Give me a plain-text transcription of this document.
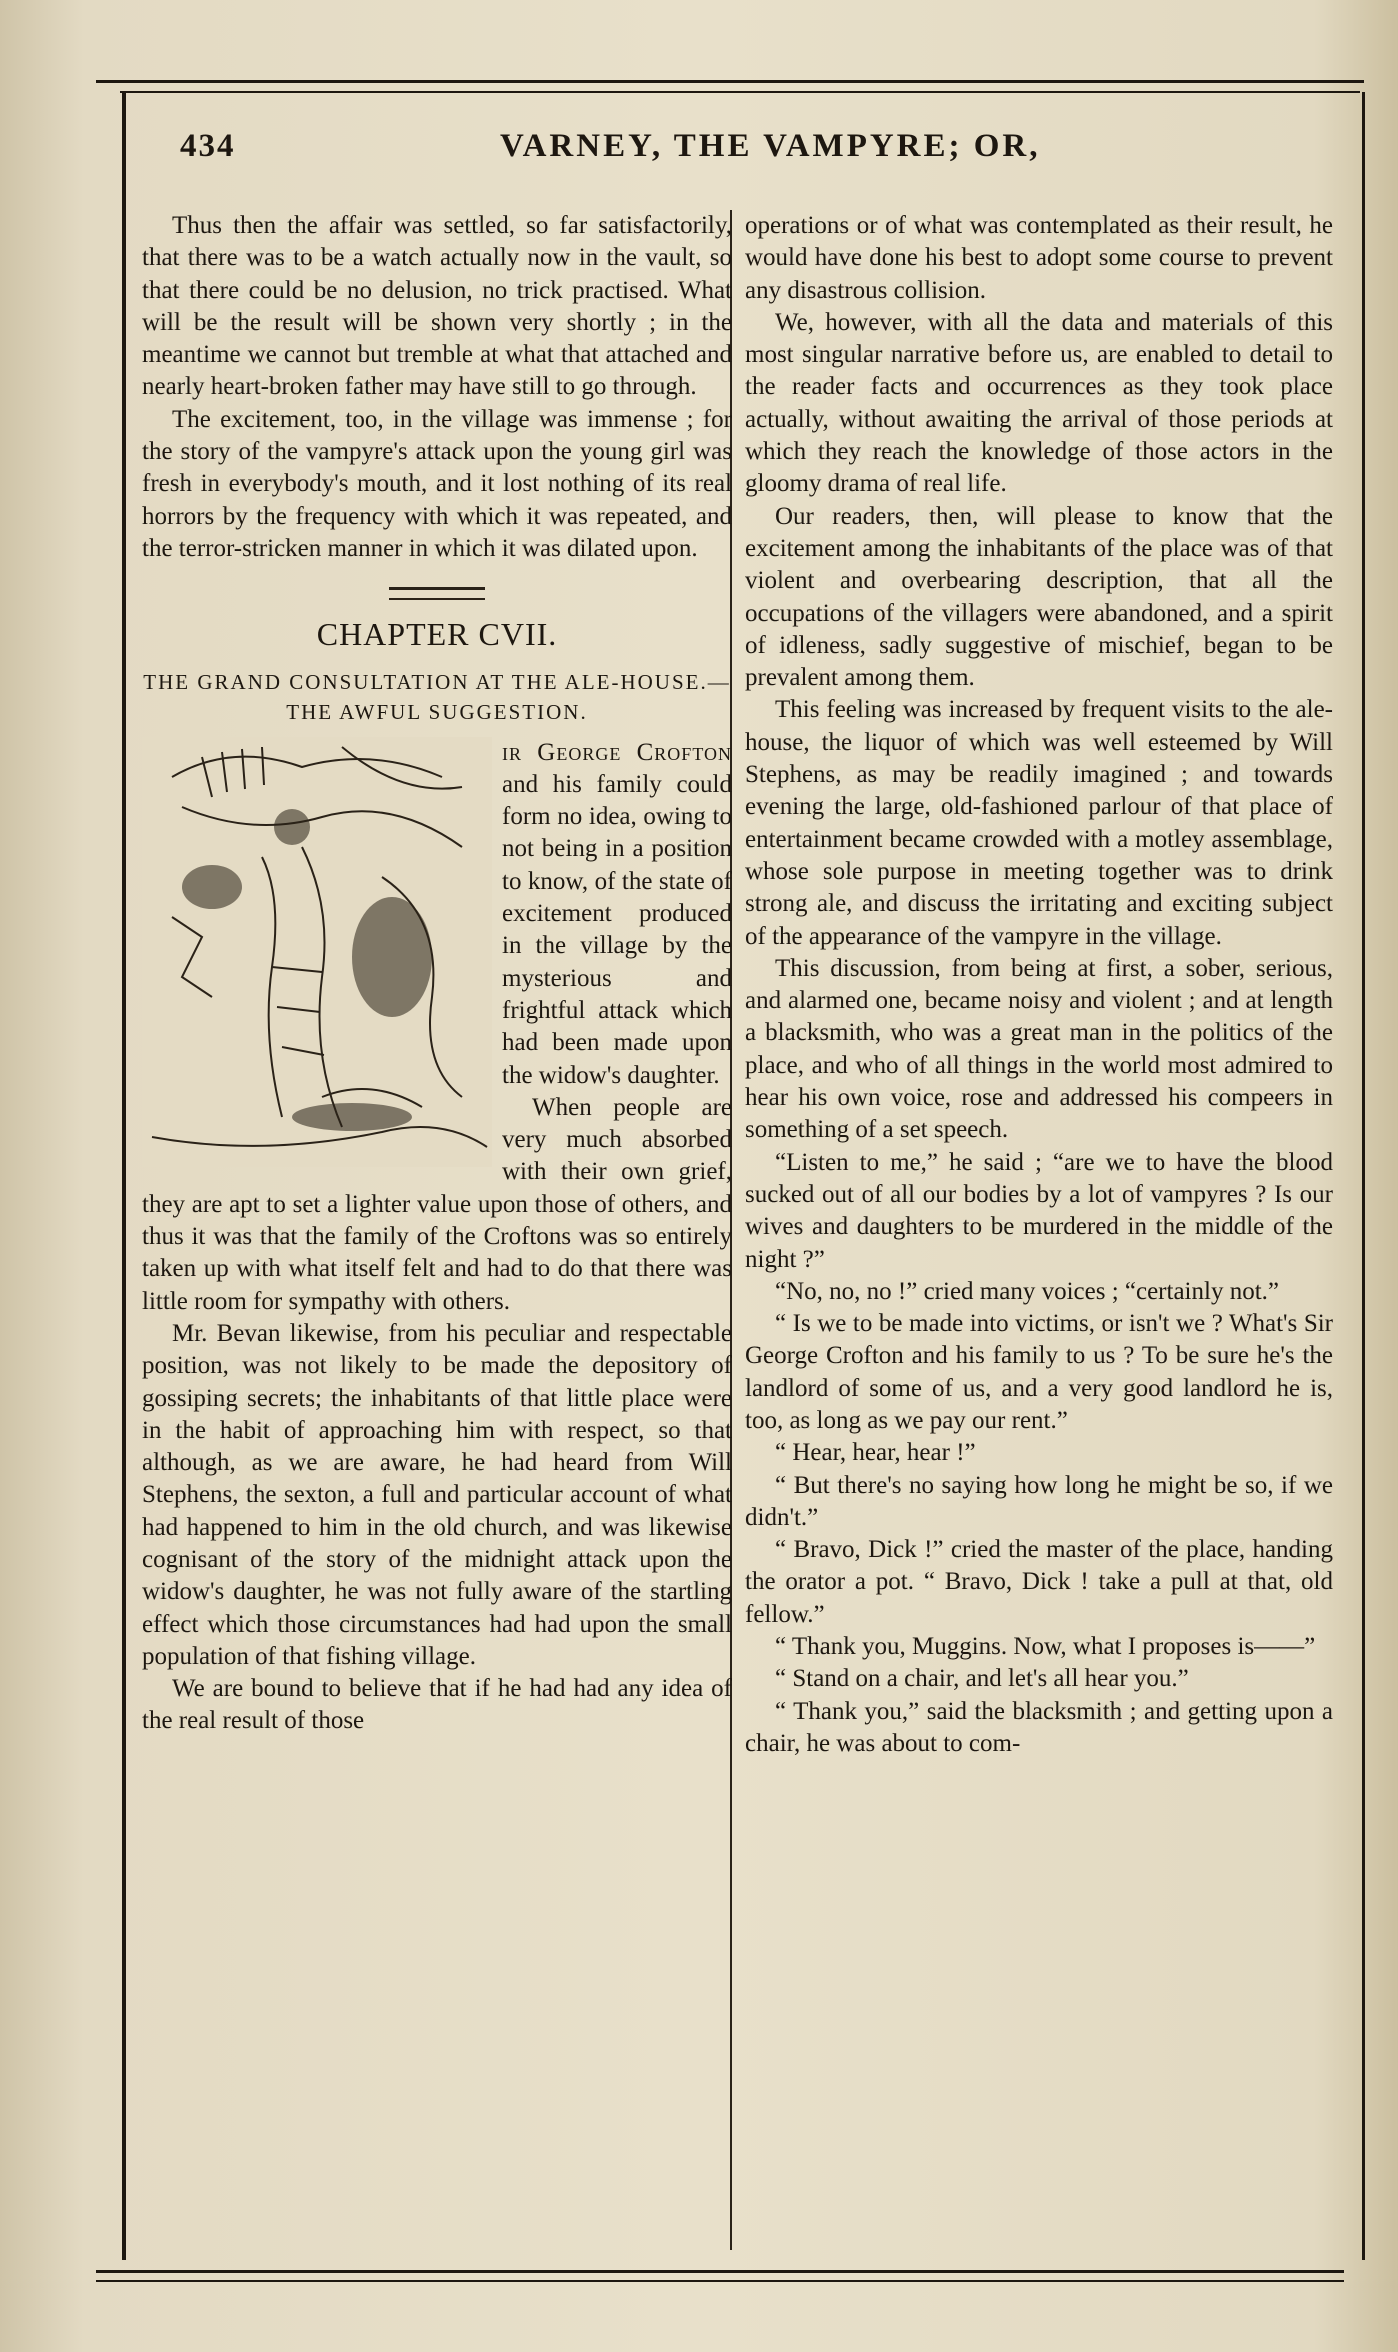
434	VARNEY, THE VAMPYRE; OR,

Thus then the affair was settled, so far satisfactorily, that there was to be a watch actually now in the vault, so that there could be no delusion, no trick practised. What will be the result will be shown very shortly ; in the meantime we cannot but tremble at what that attached and nearly heart-broken father may have still to go through.

The excitement, too, in the village was immense ; for the story of the vampyre's attack upon the young girl was fresh in everybody's mouth, and it lost nothing of its real horrors by the frequency with which it was repeated, and the terror-stricken manner in which it was dilated upon.

CHAPTER CVII.
THE GRAND CONSULTATION AT THE ALE-HOUSE.—THE AWFUL SUGGESTION.

ir George Crofton and his family could form no idea, owing to not being in a position to know, of the state of excitement produced in the village by the mysterious and frightful attack which had been made upon the widow's daughter.

When people are very much absorbed with their own grief, they are apt to set a lighter value upon those of others, and thus it was that the family of the Croftons was so entirely taken up with what itself felt and had to do that there was little room for sympathy with others.

Mr. Bevan likewise, from his peculiar and respectable position, was not likely to be made the depository of gossiping secrets; the inhabitants of that little place were in the habit of approaching him with respect, so that although, as we are aware, he had heard from Will Stephens, the sexton, a full and particular account of what had happened to him in the old church, and was likewise cognisant of the story of the midnight attack upon the widow's daughter, he was not fully aware of the startling effect which those circumstances had had upon the small population of that fishing village.

We are bound to believe that if he had had any idea of the real result of those

operations or of what was contemplated as their result, he would have done his best to adopt some course to prevent any disastrous collision.

We, however, with all the data and materials of this most singular narrative before us, are enabled to detail to the reader facts and occurrences as they took place actually, without awaiting the arrival of those periods at which they reach the knowledge of those actors in the gloomy drama of real life.

Our readers, then, will please to know that the excitement among the inhabitants of the place was of that violent and overbearing description, that all the occupations of the villagers were abandoned, and a spirit of idleness, sadly suggestive of mischief, began to be prevalent among them.

This feeling was increased by frequent visits to the ale-house, the liquor of which was well esteemed by Will Stephens, as may be readily imagined ; and towards evening the large, old-fashioned parlour of that place of entertainment became crowded with a motley assemblage, whose sole purpose in meeting together was to drink strong ale, and discuss the irritating and exciting subject of the appearance of the vampyre in the village.

This discussion, from being at first, a sober, serious, and alarmed one, became noisy and violent ; and at length a blacksmith, who was a great man in the politics of the place, and who of all things in the world most admired to hear his own voice, rose and addressed his compeers in something of a set speech.

“Listen to me,” he said ; “are we to have the blood sucked out of all our bodies by a lot of vampyres ? Is our wives and daughters to be murdered in the middle of the night ?”

“No, no, no !” cried many voices ; “certainly not.”

“ Is we to be made into victims, or isn't we ? What's Sir George Crofton and his family to us ? To be sure he's the landlord of some of us, and a very good landlord he is, too, as long as we pay our rent.”

“ Hear, hear, hear !”

“ But there's no saying how long he might be so, if we didn't.”

“ Bravo, Dick !” cried the master of the place, handing the orator a pot. “ Bravo, Dick ! take a pull at that, old fellow.”

“ Thank you, Muggins. Now, what I proposes is——”

“ Stand on a chair, and let's all hear you.”

“ Thank you,” said the blacksmith ; and getting upon a chair, he was about to com-
